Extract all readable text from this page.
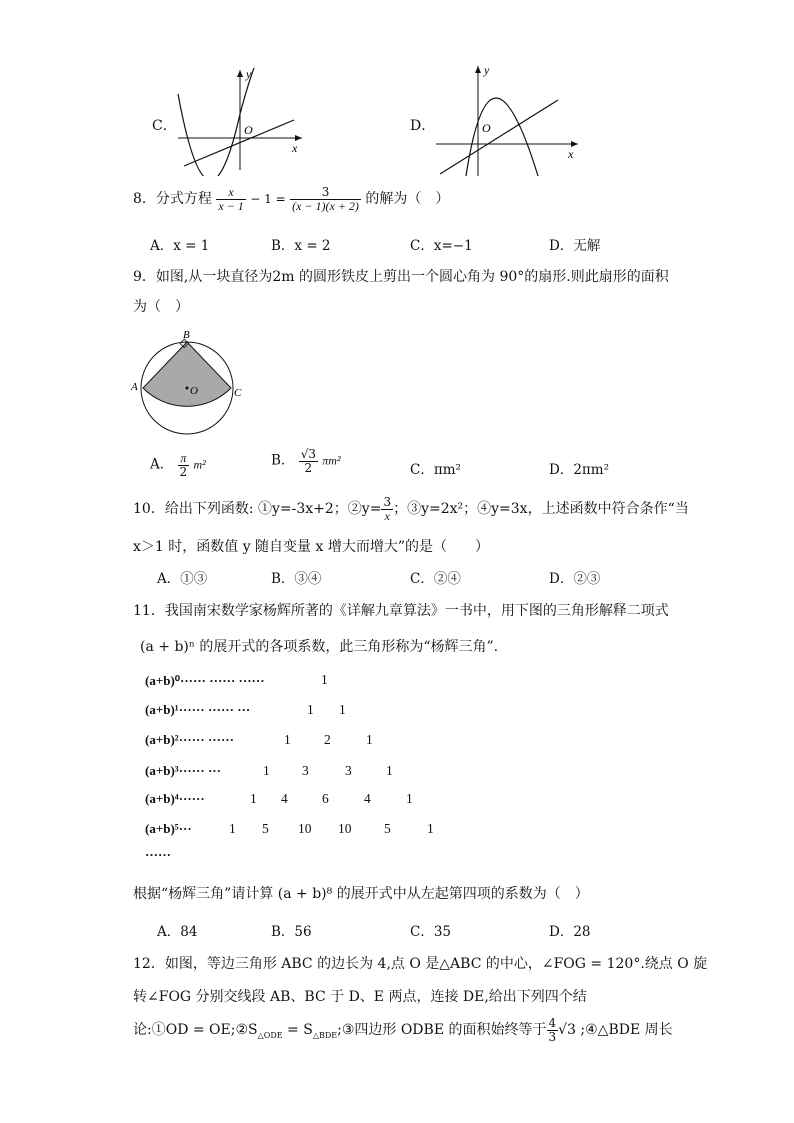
y
O
x
C．
y
O
x
D．
8．分式方程 $\frac{x}{x - 1} - 1 = \frac{3}{(x - 1)(x + 2)}$ 的解为（　）
A．x = 1	B．x = 2	C．x=−1	D．无解
9．如图,从一块直径为2m 的圆形铁皮上剪出一个圆心角为 90°的扇形.则此扇形的面积
为（　）
B
A	C
O
A． $\frac{\pi}{2} m^2$	B． $\frac{√3}{2} \pi m^2$
C．πm²	D．2πm²
10．给出下列函数: ①y=-3x+2；②y= $\frac{3}{x}$ ；③y=2x²；④y=3x，上述函数中符合条作“当
x＞1 时，函数值 y 随自变量 x 增大而增大”的是（　　）
A．①③	B．③④	C．②④	D．②③
11．我国南宋数学家杨辉所著的《详解九章算法》一书中，用下图的三角形解释二项式
(a + b)ⁿ 的展开式的各项系数，此三角形称为“杨辉三角”.
(a+b)⁰······ ······ ······	1
(a+b)¹······ ······ ···	1 1
(a+b)²······ ······	1 2	1
(a+b)³······ ···	1 3	3	1
(a+b)⁴······	1 4	6	4	1
(a+b)⁵···	1 5 10 10 5	1
······
根据“杨辉三角”请计算 (a + b)⁸ 的展开式中从左起第四项的系数为（　）
A．84	B．56	C．35	D．28
12．如图，等边三角形 ABC 的边长为 4,点 O 是△ABC 的中心，∠FOG = 120°.绕点 O 旋
转∠FOG 分别交线段 AB、BC 于 D、E 两点，连接 DE,给出下列四个结
论:①OD = $OE;②S_{\triangle ODE}$ = $S_{\triangle BDE};③$四边形 ODBE 的面积始终等于 $\frac{4}{3} √3$ ;④△BDE 周长
